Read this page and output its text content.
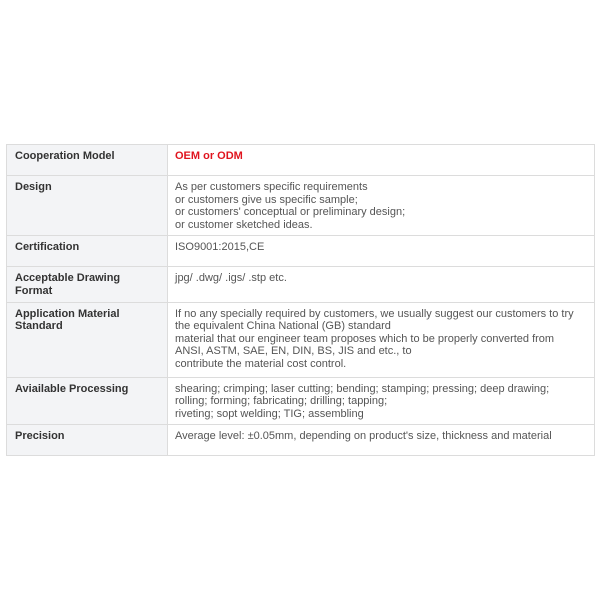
Cooperation Model	OEM or ODM

Design	As per customers specific requirements
or customers give us specific sample;
or customers' conceptual or preliminary design;
or customer sketched ideas.

Certification	ISO9001:2015,CE

Acceptable Drawing Format	jpg/ .dwg/ .igs/ .stp etc.

Application Material Standard	If no any specially required by customers, we usually suggest our customers to try
the equivalent China National (GB) standard
material that our engineer team proposes which to be properly converted from
ANSI, ASTM, SAE, EN, DIN, BS, JIS and etc., to
contribute the material cost control.

Aviailable Processing	shearing; crimping; laser cutting; bending; stamping; pressing; deep drawing;
rolling; forming; fabricating; drilling; tapping;
riveting; sopt welding; TIG; assembling

Precision	Average level: ±0.05mm, depending on product's size, thickness and material
